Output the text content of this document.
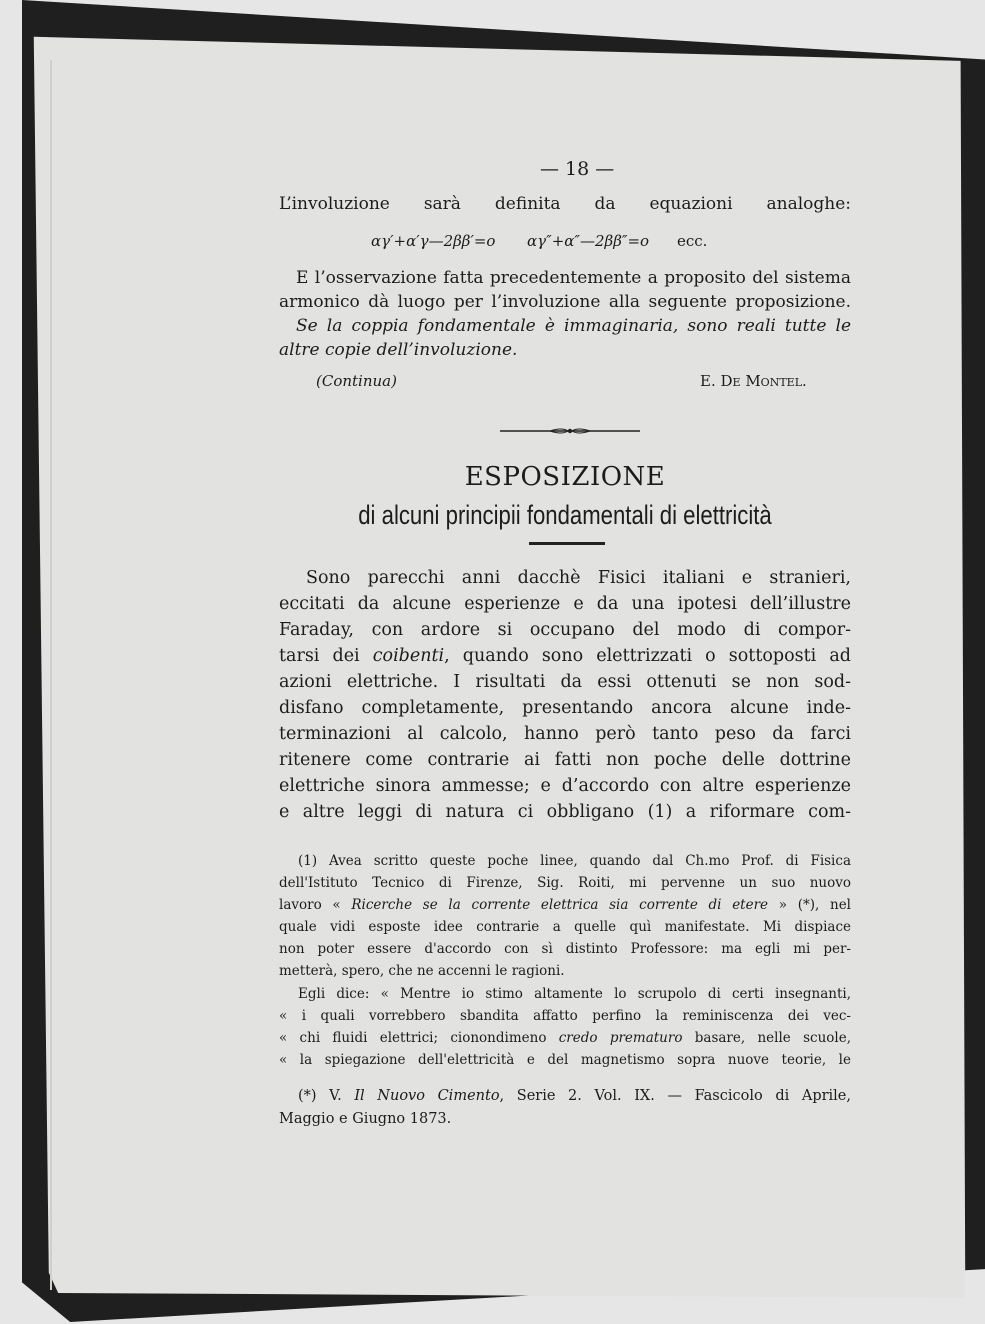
— 18 —
L’involuzione sarà definita da equazioni analoghe:
αγ′+α′γ—2ββ′=o αγ″+α″—2ββ″=o ecc.
E l’osservazione fatta precedentemente a proposito del sistema
armonico dà luogo per l’involuzione alla seguente proposizione.
Se la coppia fondamentale è immaginaria, sono reali tutte le
altre copie dell’involuzione.
(Continua)	E. De Montel.
ESPOSIZIONE
di alcuni principii fondamentali di elettricità
Sono parecchi anni dacchè Fisici italiani e stranieri,
eccitati da alcune esperienze e da una ipotesi dell’illustre
Faraday, con ardore si occupano del modo di compor-
tarsi dei coibenti, quando sono elettrizzati o sottoposti ad
azioni elettriche. I risultati da essi ottenuti se non sod-
disfano completamente, presentando ancora alcune inde-
terminazioni al calcolo, hanno però tanto peso da farci
ritenere come contrarie ai fatti non poche delle dottrine
elettriche sinora ammesse; e d’accordo con altre esperienze
e altre leggi di natura ci obbligano (1) a riformare com-
(1) Avea scritto queste poche linee, quando dal Ch.mo Prof. di Fisica
dell'Istituto Tecnico di Firenze, Sig. Roiti, mi pervenne un suo nuovo
lavoro « Ricerche se la corrente elettrica sia corrente di etere » (*), nel
quale vidi esposte idee contrarie a quelle quì manifestate. Mi dispiace
non poter essere d'accordo con sì distinto Professore: ma egli mi per-
metterà, spero, che ne accenni le ragioni.
Egli dice: « Mentre io stimo altamente lo scrupolo di certi insegnanti,
« i quali vorrebbero sbandita affatto perfino la reminiscenza dei vec-
« chi fluidi elettrici; cionondimeno credo prematuro basare, nelle scuole,
« la spiegazione dell'elettricità e del magnetismo sopra nuove teorie, le
(*) V. Il Nuovo Cimento, Serie 2. Vol. IX. — Fascicolo di Aprile,
Maggio e Giugno 1873.
